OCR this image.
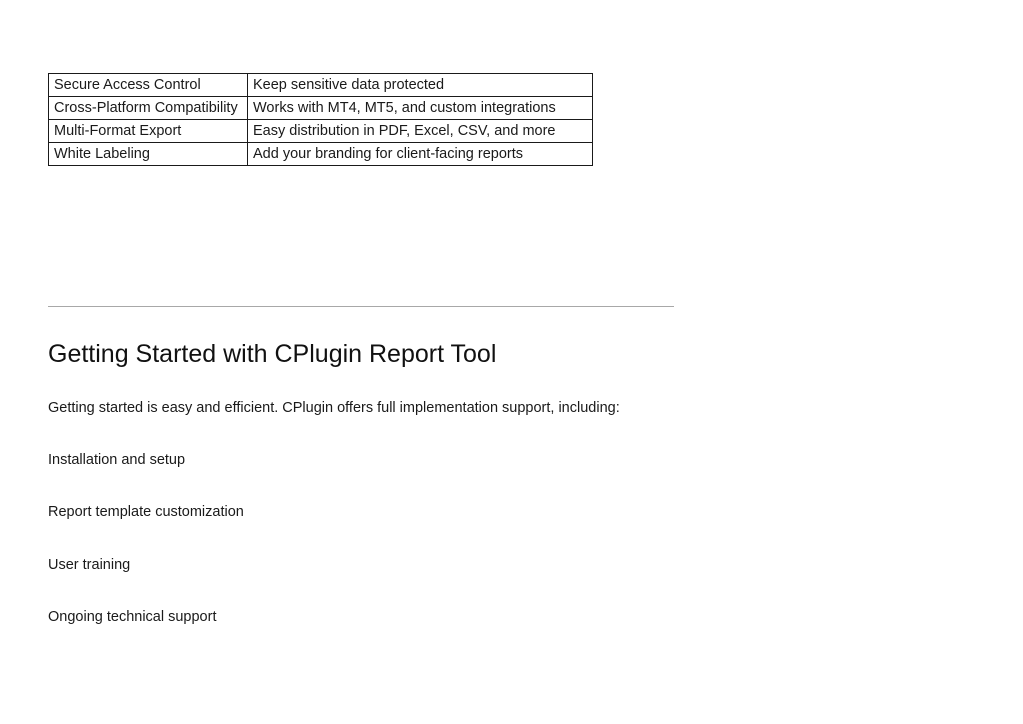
Secure Access Control	Keep sensitive data protected
Cross-Platform Compatibility	Works with MT4, MT5, and custom integrations
Multi-Format Export	Easy distribution in PDF, Excel, CSV, and more
White Labeling	Add your branding for client-facing reports
Getting Started with CPlugin Report Tool

Getting started is easy and efficient. CPlugin offers full implementation support, including:

Installation and setup

Report template customization

User training

Ongoing technical support
